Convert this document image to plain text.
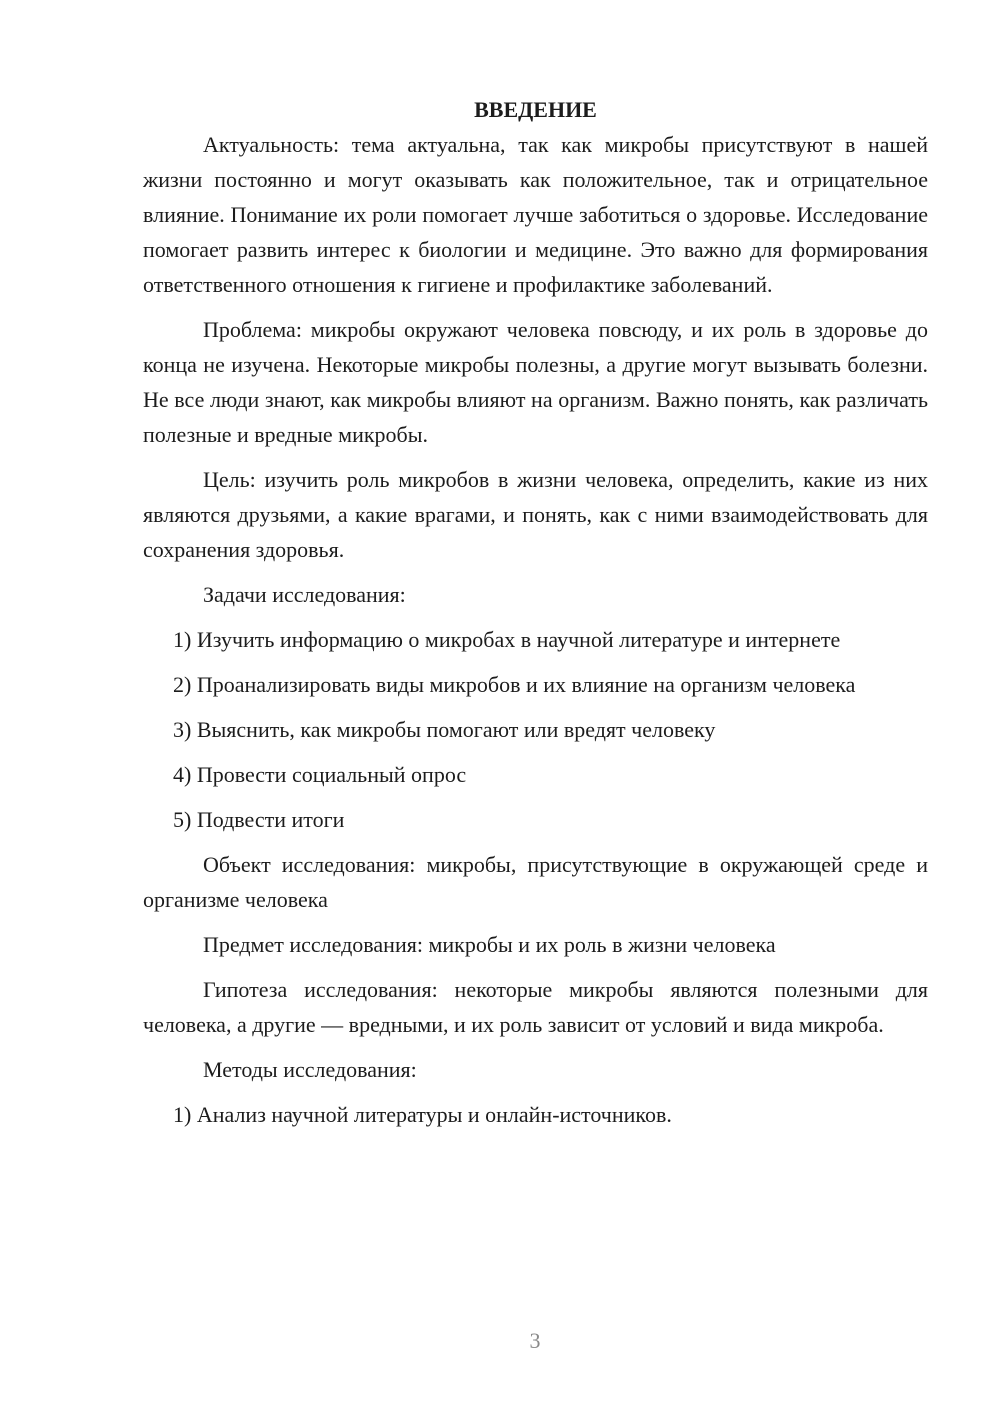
ВВЕДЕНИЕ

Актуальность: тема актуальна, так как микробы присутствуют в нашей жизни постоянно и могут оказывать как положительное, так и отрицательное влияние. Понимание их роли помогает лучше заботиться о здоровье. Исследование помогает развить интерес к биологии и медицине. Это важно для формирования ответственного отношения к гигиене и профилактике заболеваний.

Проблема: микробы окружают человека повсюду, и их роль в здоровье до конца не изучена. Некоторые микробы полезны, а другие могут вызывать болезни. Не все люди знают, как микробы влияют на организм. Важно понять, как различать полезные и вредные микробы.

Цель: изучить роль микробов в жизни человека, определить, какие из них являются друзьями, а какие врагами, и понять, как с ними взаимодействовать для сохранения здоровья.

Задачи исследования:

1) Изучить информацию о микробах в научной литературе и интернете

2) Проанализировать виды микробов и их влияние на организм человека

3) Выяснить, как микробы помогают или вредят человеку

4) Провести социальный опрос

5) Подвести итоги

Объект исследования: микробы, присутствующие в окружающей среде и организме человека

Предмет исследования: микробы и их роль в жизни человека

Гипотеза исследования: некоторые микробы являются полезными для человека, а другие — вредными, и их роль зависит от условий и вида микроба.

Методы исследования:

1) Анализ научной литературы и онлайн-источников.

3
